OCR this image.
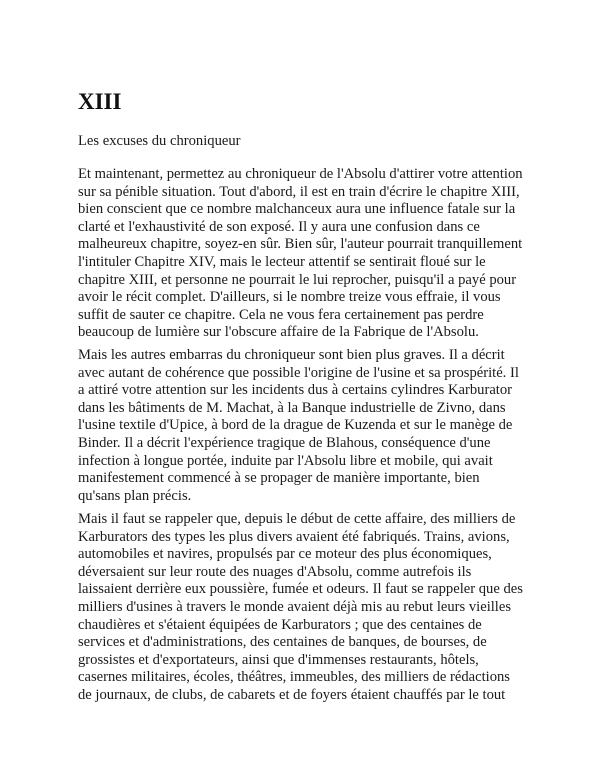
XIII

Les excuses du chroniqueur

Et maintenant, permettez au chroniqueur de l'Absolu d'attirer votre attention
sur sa pénible situation. Tout d'abord, il est en train d'écrire le chapitre XIII,
bien conscient que ce nombre malchanceux aura une influence fatale sur la
clarté et l'exhaustivité de son exposé. Il y aura une confusion dans ce
malheureux chapitre, soyez-en sûr. Bien sûr, l'auteur pourrait tranquillement
l'intituler Chapitre XIV, mais le lecteur attentif se sentirait floué sur le
chapitre XIII, et personne ne pourrait le lui reprocher, puisqu'il a payé pour
avoir le récit complet. D'ailleurs, si le nombre treize vous effraie, il vous
suffit de sauter ce chapitre. Cela ne vous fera certainement pas perdre
beaucoup de lumière sur l'obscure affaire de la Fabrique de l'Absolu.

Mais les autres embarras du chroniqueur sont bien plus graves. Il a décrit
avec autant de cohérence que possible l'origine de l'usine et sa prospérité. Il
a attiré votre attention sur les incidents dus à certains cylindres Karburator
dans les bâtiments de M. Machat, à la Banque industrielle de Zivno, dans
l'usine textile d'Upice, à bord de la drague de Kuzenda et sur le manège de
Binder. Il a décrit l'expérience tragique de Blahous, conséquence d'une
infection à longue portée, induite par l'Absolu libre et mobile, qui avait
manifestement commencé à se propager de manière importante, bien
qu'sans plan précis.

Mais il faut se rappeler que, depuis le début de cette affaire, des milliers de
Karburators des types les plus divers avaient été fabriqués. Trains, avions,
automobiles et navires, propulsés par ce moteur des plus économiques,
déversaient sur leur route des nuages d'Absolu, comme autrefois ils
laissaient derrière eux poussière, fumée et odeurs. Il faut se rappeler que des
milliers d'usines à travers le monde avaient déjà mis au rebut leurs vieilles
chaudières et s'étaient équipées de Karburators ; que des centaines de
services et d'administrations, des centaines de banques, de bourses, de
grossistes et d'exportateurs, ainsi que d'immenses restaurants, hôtels,
casernes militaires, écoles, théâtres, immeubles, des milliers de rédactions
de journaux, de clubs, de cabarets et de foyers étaient chauffés par le tout
